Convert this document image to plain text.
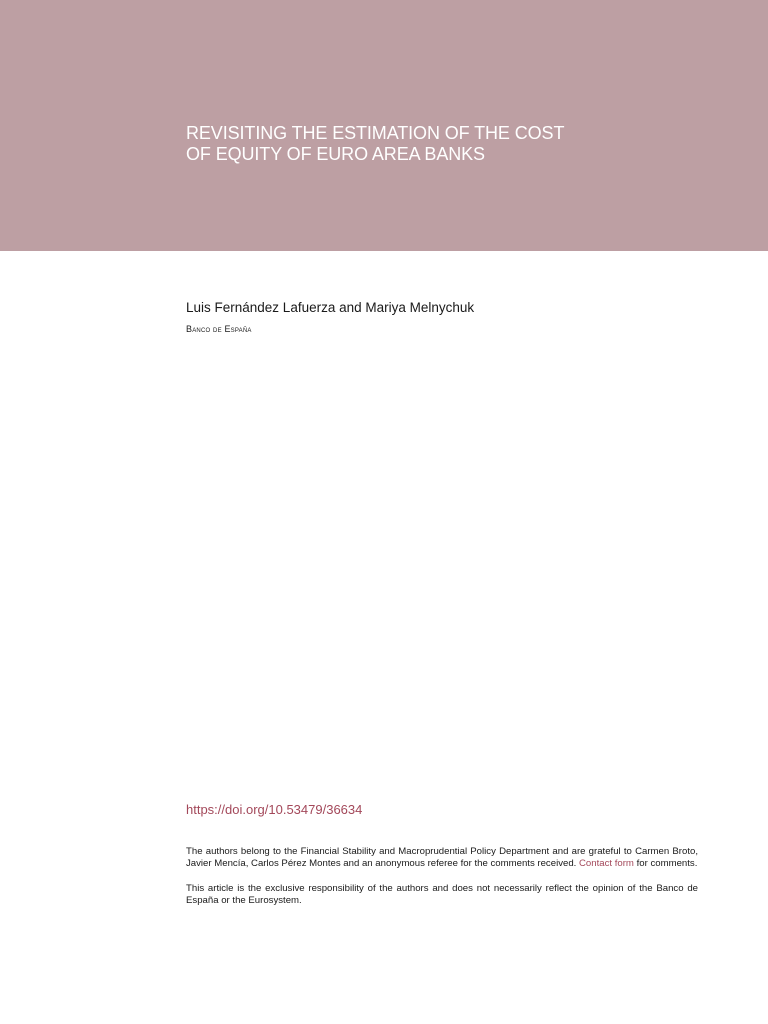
REVISITING THE ESTIMATION OF THE COST
OF EQUITY OF EURO AREA BANKS
Luis Fernández Lafuerza and Mariya Melnychuk
Banco de España
https://doi.org/10.53479/36634

The authors belong to the Financial Stability and Macroprudential Policy Department and are grateful to Carmen Broto, Javier Mencía, Carlos Pérez Montes and an anonymous referee for the comments received. Contact form for comments.

This article is the exclusive responsibility of the authors and does not necessarily reflect the opinion of the Banco de España or the Eurosystem.
